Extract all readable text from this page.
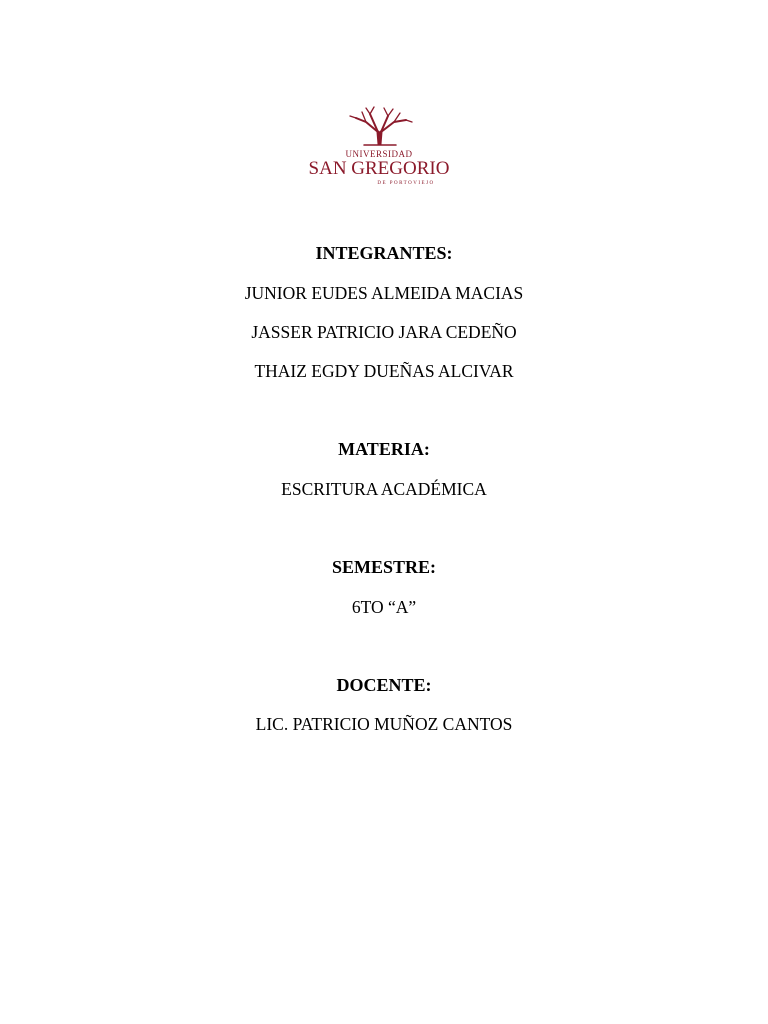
UNIVERSIDAD
SAN GREGORIO
DE PORTOVIEJO
INTEGRANTES:
JUNIOR EUDES ALMEIDA MACIAS
JASSER PATRICIO JARA CEDEÑO
THAIZ EGDY DUEÑAS ALCIVAR
MATERIA:
ESCRITURA ACADÉMICA
SEMESTRE:
6TO “A”
DOCENTE:
LIC. PATRICIO MUÑOZ CANTOS
